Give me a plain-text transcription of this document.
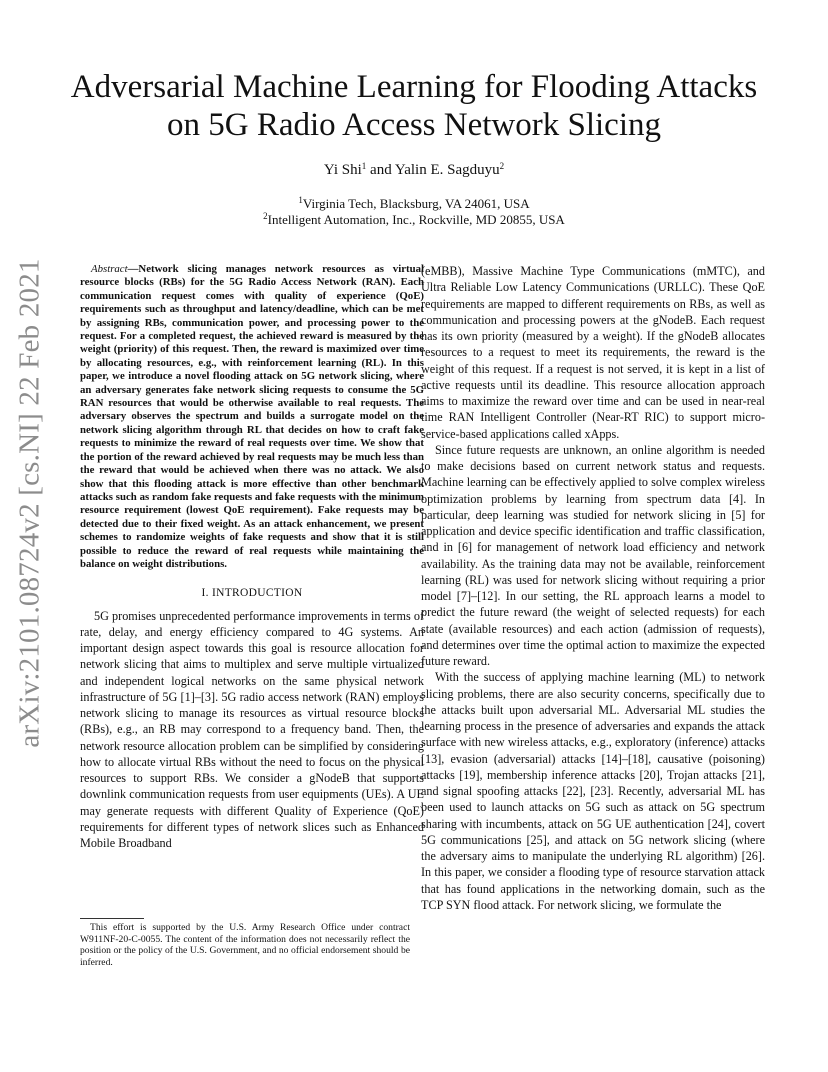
arXiv:2101.08724v2 [cs.NI] 22 Feb 2021
Adversarial Machine Learning for Flooding Attacks
on 5G Radio Access Network Slicing
Yi Shi$^1$ and Yalin E. Sagduyu$^2$
$^1$Virginia Tech, Blacksburg, VA 24061, USA
$^2$Intelligent Automation, Inc., Rockville, MD 20855, USA

Abstract—Network slicing manages network resources as virtual resource blocks (RBs) for the 5G Radio Access Network (RAN). Each communication request comes with quality of experience (QoE) requirements such as throughput and latency/deadline, which can be met by assigning RBs, communication power, and processing power to the request. For a completed request, the achieved reward is measured by the weight (priority) of this request. Then, the reward is maximized over time by allocating resources, e.g., with reinforcement learning (RL). In this paper, we introduce a novel flooding attack on 5G network slicing, where an adversary generates fake network slicing requests to consume the 5G RAN resources that would be otherwise available to real requests. The adversary observes the spectrum and builds a surrogate model on the network slicing algorithm through RL that decides on how to craft fake requests to minimize the reward of real requests over time. We show that the portion of the reward achieved by real requests may be much less than the reward that would be achieved when there was no attack. We also show that this flooding attack is more effective than other benchmark attacks such as random fake requests and fake requests with the minimum resource requirement (lowest QoE requirement). Fake requests may be detected due to their fixed weight. As an attack enhancement, we present schemes to randomize weights of fake requests and show that it is still possible to reduce the reward of real requests while maintaining the balance on weight distributions.

I. INTRODUCTION

5G promises unprecedented performance improvements in terms of rate, delay, and energy efficiency compared to 4G systems. An important design aspect towards this goal is resource allocation for network slicing that aims to multiplex and serve multiple virtualized and independent logical networks on the same physical network infrastructure of 5G [1]–[3]. 5G radio access network (RAN) employs network slicing to manage its resources as virtual resource blocks (RBs), e.g., an RB may correspond to a frequency band. Then, the network resource allocation problem can be simplified by considering how to allocate virtual RBs without the need to focus on the physical resources to support RBs. We consider a gNodeB that supports downlink communication requests from user equipments (UEs). A UE may generate requests with different Quality of Experience (QoE) requirements for different types of network slices such as Enhanced Mobile Broadband

This effort is supported by the U.S. Army Research Office under contract W911NF-20-C-0055. The content of the information does not necessarily reflect the position or the policy of the U.S. Government, and no official endorsement should be inferred.

(eMBB), Massive Machine Type Communications (mMTC), and Ultra Reliable Low Latency Communications (URLLC). These QoE requirements are mapped to different requirements on RBs, as well as communication and processing powers at the gNodeB. Each request has its own priority (measured by a weight). If the gNodeB allocates resources to a request to meet its requirements, the reward is the weight of this request. If a request is not served, it is kept in a list of active requests until its deadline. This resource allocation approach aims to maximize the reward over time and can be used in near-real time RAN Intelligent Controller (Near-RT RIC) to support micro-service-based applications called xApps.

Since future requests are unknown, an online algorithm is needed to make decisions based on current network status and requests. Machine learning can be effectively applied to solve complex wireless optimization problems by learning from spectrum data [4]. In particular, deep learning was studied for network slicing in [5] for application and device specific identification and traffic classification, and in [6] for management of network load efficiency and network availability. As the training data may not be available, reinforcement learning (RL) was used for network slicing without requiring a prior model [7]–[12]. In our setting, the RL approach learns a model to predict the future reward (the weight of selected requests) for each state (available resources) and each action (admission of requests), and determines over time the optimal action to maximize the expected future reward.

With the success of applying machine learning (ML) to network slicing problems, there are also security concerns, specifically due to the attacks built upon adversarial ML. Adversarial ML studies the learning process in the presence of adversaries and expands the attack surface with new wireless attacks, e.g., exploratory (inference) attacks [13], evasion (adversarial) attacks [14]–[18], causative (poisoning) attacks [19], membership inference attacks [20], Trojan attacks [21], and signal spoofing attacks [22], [23]. Recently, adversarial ML has been used to launch attacks on 5G such as attack on 5G spectrum sharing with incumbents, attack on 5G UE authentication [24], covert 5G communications [25], and attack on 5G network slicing (where the adversary aims to manipulate the underlying RL algorithm) [26]. In this paper, we consider a flooding type of resource starvation attack that has found applications in the networking domain, such as the TCP SYN flood attack. For network slicing, we formulate the
